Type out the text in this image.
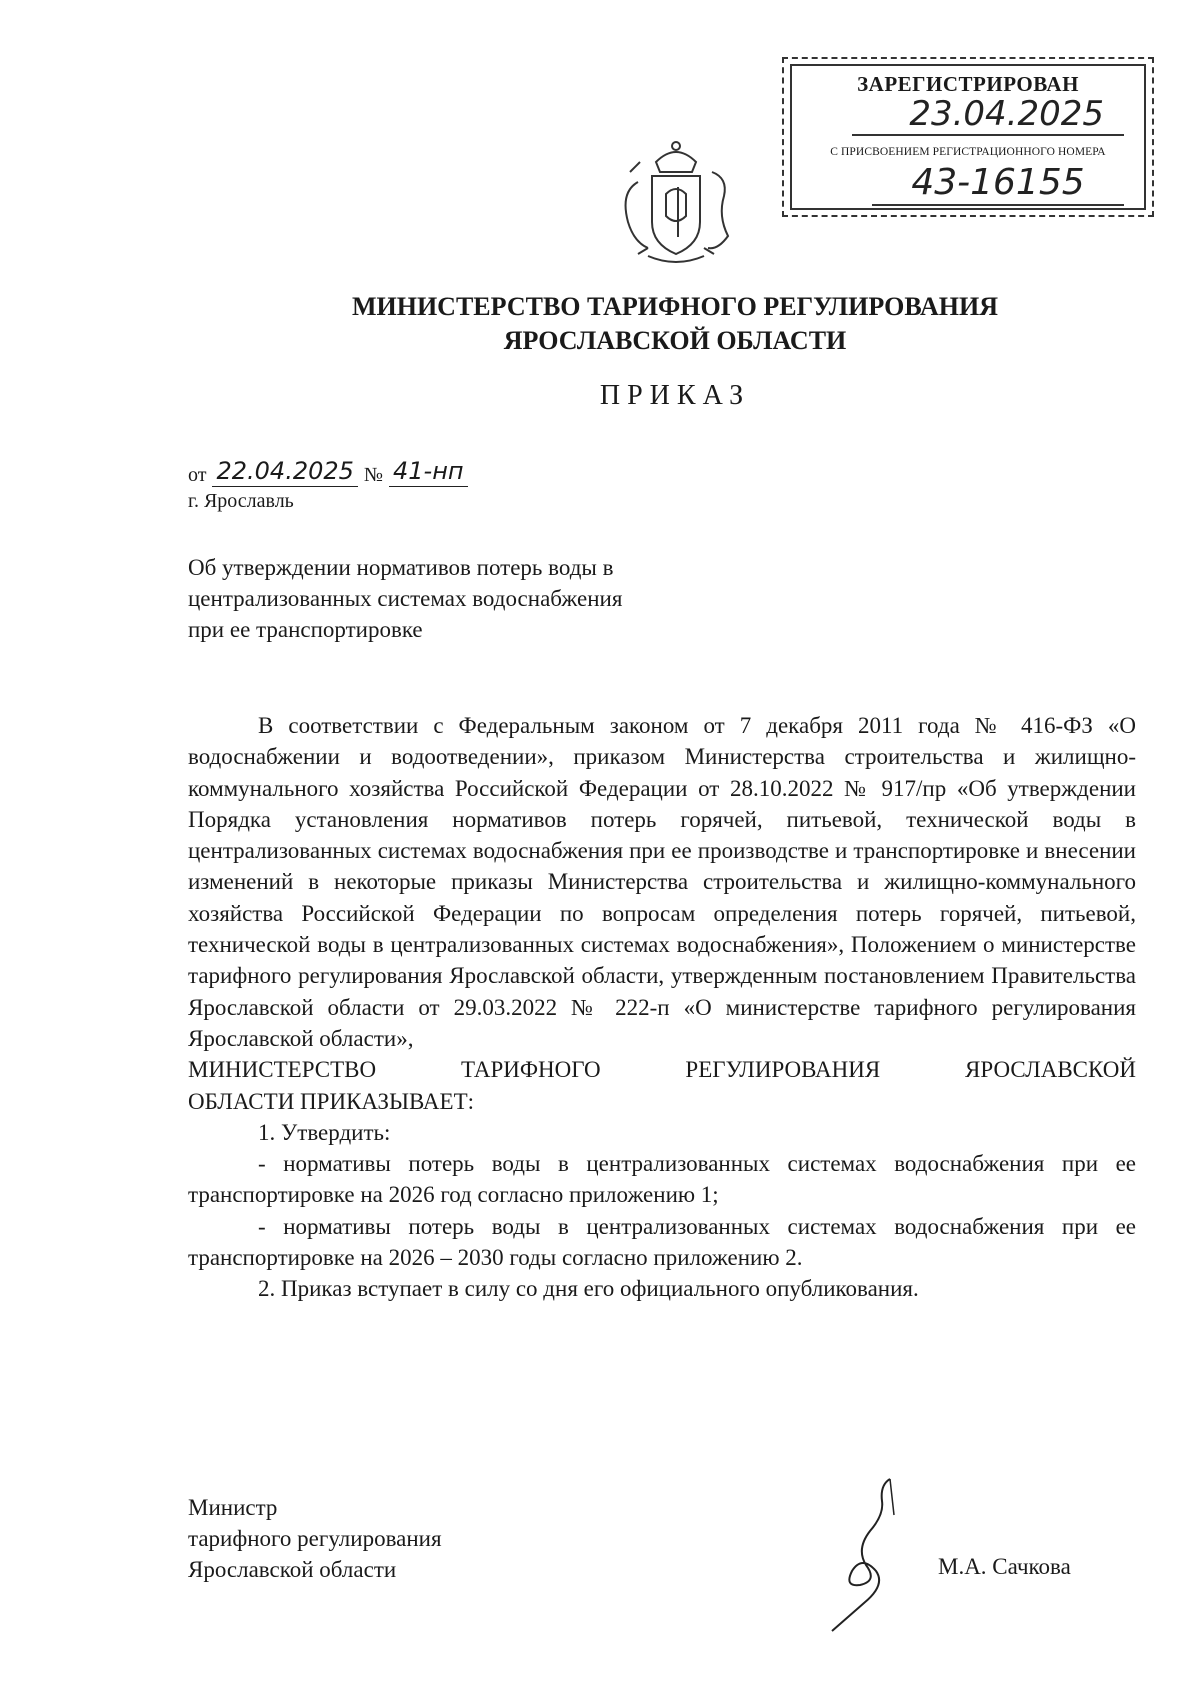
ЗАРЕГИСТРИРОВАН
23.04.2025
С ПРИСВОЕНИЕМ РЕГИСТРАЦИОННОГО НОМЕРА
43-16155
МИНИСТЕРСТВО ТАРИФНОГО РЕГУЛИРОВАНИЯ
ЯРОСЛАВСКОЙ ОБЛАСТИ
ПРИКАЗ
от 22.04.2025 № 41-нп
г. Ярославль
Об утверждении нормативов потерь воды в централизованных системах водоснабжения при ее транспортировке

В соответствии с Федеральным законом от 7 декабря 2011 года № 416-ФЗ «О водоснабжении и водоотведении», приказом Министерства строительства и жилищно-коммунального хозяйства Российской Федерации от 28.10.2022 № 917/пр «Об утверждении Порядка установления нормативов потерь горячей, питьевой, технической воды в централизованных системах водоснабжения при ее производстве и транспортировке и внесении изменений в некоторые приказы Министерства строительства и жилищно-коммунального хозяйства Российской Федерации по вопросам определения потерь горячей, питьевой, технической воды в централизованных системах водоснабжения», Положением о министерстве тарифного регулирования Ярославской области, утвержденным постановлением Правительства Ярославской области от 29.03.2022 № 222-п «О министерстве тарифного регулирования Ярославской области»,

МИНИСТЕРСТВО ТАРИФНОГО РЕГУЛИРОВАНИЯ ЯРОСЛАВСКОЙ

ОБЛАСТИ ПРИКАЗЫВАЕТ:

1. Утвердить:

- нормативы потерь воды в централизованных системах водоснабжения при ее транспортировке на 2026 год согласно приложению 1;

- нормативы потерь воды в централизованных системах водоснабжения при ее транспортировке на 2026 – 2030 годы согласно приложению 2.

2. Приказ вступает в силу со дня его официального опубликования.

Министр
тарифного регулирования
Ярославской области	М.А. Сачкова
